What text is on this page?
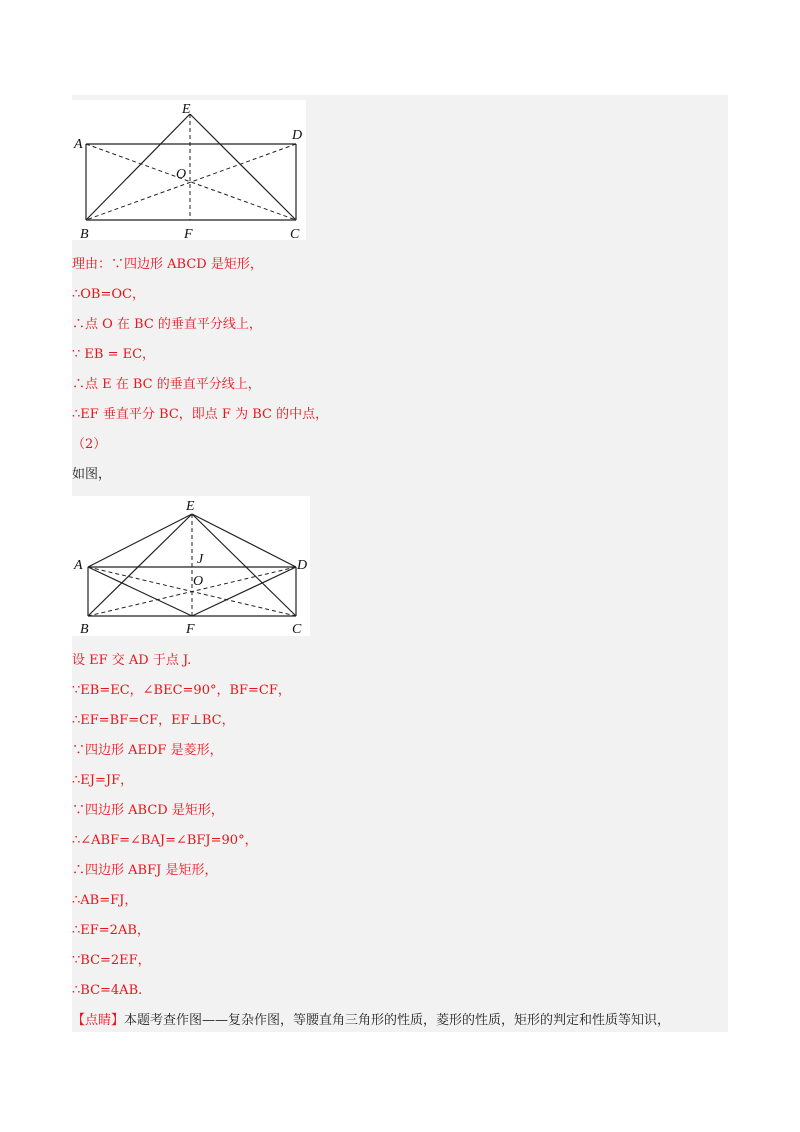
E
A
D
O
B	F	C
理由：∵四边形 ABCD 是矩形，
∴OB=OC，
∴点 O 在 BC 的垂直平分线上，
∵ EB = EC，
∴点 E 在 BC 的垂直平分线上，
∴EF 垂直平分 BC，即点 F 为 BC 的中点，
（2）
如图，
E
A	D
J
O
B	F	C
设 EF 交 AD 于点 J.
∵EB=EC，∠BEC=90°，BF=CF，
∴EF=BF=CF，EF⊥BC，
∵四边形 AEDF 是菱形，
∴EJ=JF，
∵四边形 ABCD 是矩形，
∴∠ABF=∠BAJ=∠BFJ=90°，
∴四边形 ABFJ 是矩形，
∴AB=FJ，
∴EF=2AB，
∵BC=2EF，
∴BC=4AB.
【点睛】本题考查作图——复杂作图，等腰直角三角形的性质，菱形的性质，矩形的判定和性质等知识，
